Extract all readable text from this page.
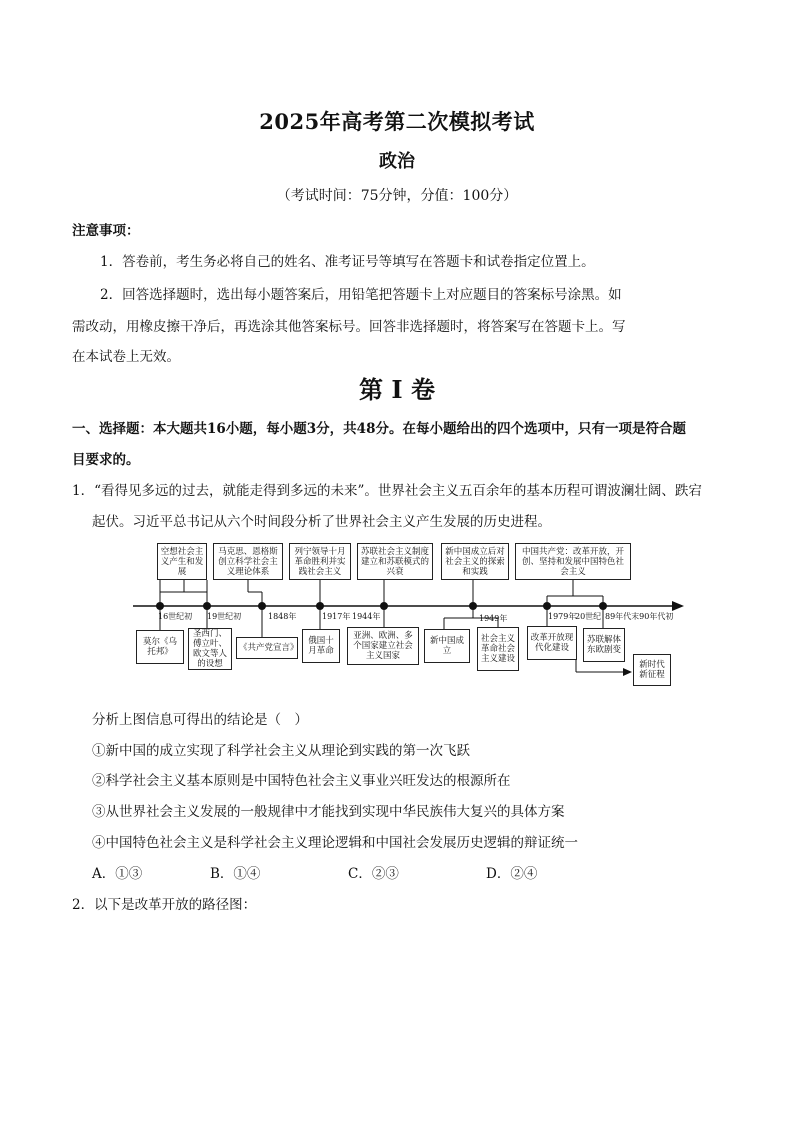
2025年高考第二次模拟考试
政治
（考试时间：75分钟，分值：100分）
注意事项：
1．答卷前，考生务必将自己的姓名、准考证号等填写在答题卡和试卷指定位置上。
2．回答选择题时，选出每小题答案后，用铅笔把答题卡上对应题目的答案标号涂黑。如
需改动，用橡皮擦干净后，再选涂其他答案标号。回答非选择题时，将答案写在答题卡上。写
在本试卷上无效。
第 I 卷
一、选择题：本大题共16小题，每小题3分，共48分。在每小题给出的四个选项中，只有一项是符合题
目要求的。
1．“看得见多远的过去，就能走得到多远的未来”。世界社会主义五百余年的基本历程可谓波澜壮阔、跌宕
起伏。习近平总书记从六个时间段分析了世界社会主义产生发展的历史进程。
空想社会主义产生和发展
马克思、恩格斯创立科学社会主义理论体系
列宁领导十月革命胜利并实践社会主义
苏联社会主义制度建立和苏联模式的兴衰
新中国成立后对社会主义的探索和实践
中国共产党：改革开放，开创、坚持和发展中国特色社会主义
16世纪初 19世纪初	1848年	1917年 1944年	1949年	1979年
20世纪 89年代末90年代初
莫尔《乌托邦》
圣西门、傅立叶、欧文等人的设想
《共产党宣言》
俄国十月革命
亚洲、欧洲、多个国家建立社会主义国家
新中国成立
社会主义革命社会主义建设
改革开放现代化建设
苏联解体东欧剧变
新时代新征程
分析上图信息可得出的结论是（　）
①新中国的成立实现了科学社会主义从理论到实践的第一次飞跃
②科学社会主义基本原则是中国特色社会主义事业兴旺发达的根源所在
③从世界社会主义发展的一般规律中才能找到实现中华民族伟大复兴的具体方案
④中国特色社会主义是科学社会主义理论逻辑和中国社会发展历史逻辑的辩证统一
A．①③	B．①④	C．②③	D．②④
2．以下是改革开放的路径图：
